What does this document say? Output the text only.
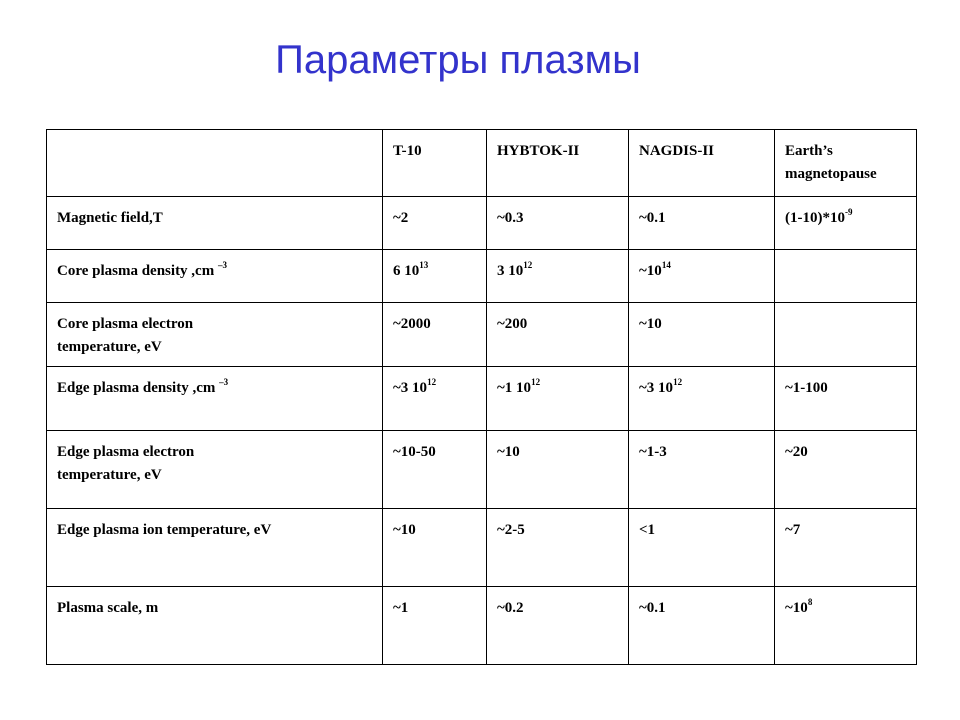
Параметры плазмы

	T-10	HYBTOK-II	NAGDIS-II	Earth’s
magnetopause

Magnetic field,T	~2	~0.3	~0.1	$(1-10)*10^{-9}$

Core plasma density ,cm $^{-3}$	6 $10^{13}$	3 $10^{12}$	$\sim 10^{14}$	

Core plasma electron
temperature, eV	~2000	~200	~10	

Edge plasma density ,cm $^{-3}$	~3 $10^{12}$	~1 $10^{12}$	~3 $10^{12}$	~1-100

Edge plasma electron
temperature, eV	~10-50	~10	~1-3	~20

Edge plasma ion temperature, eV	~10	~2-5	<1	~7

Plasma scale, m	~1	~0.2	~0.1	$\sim 10^8$
